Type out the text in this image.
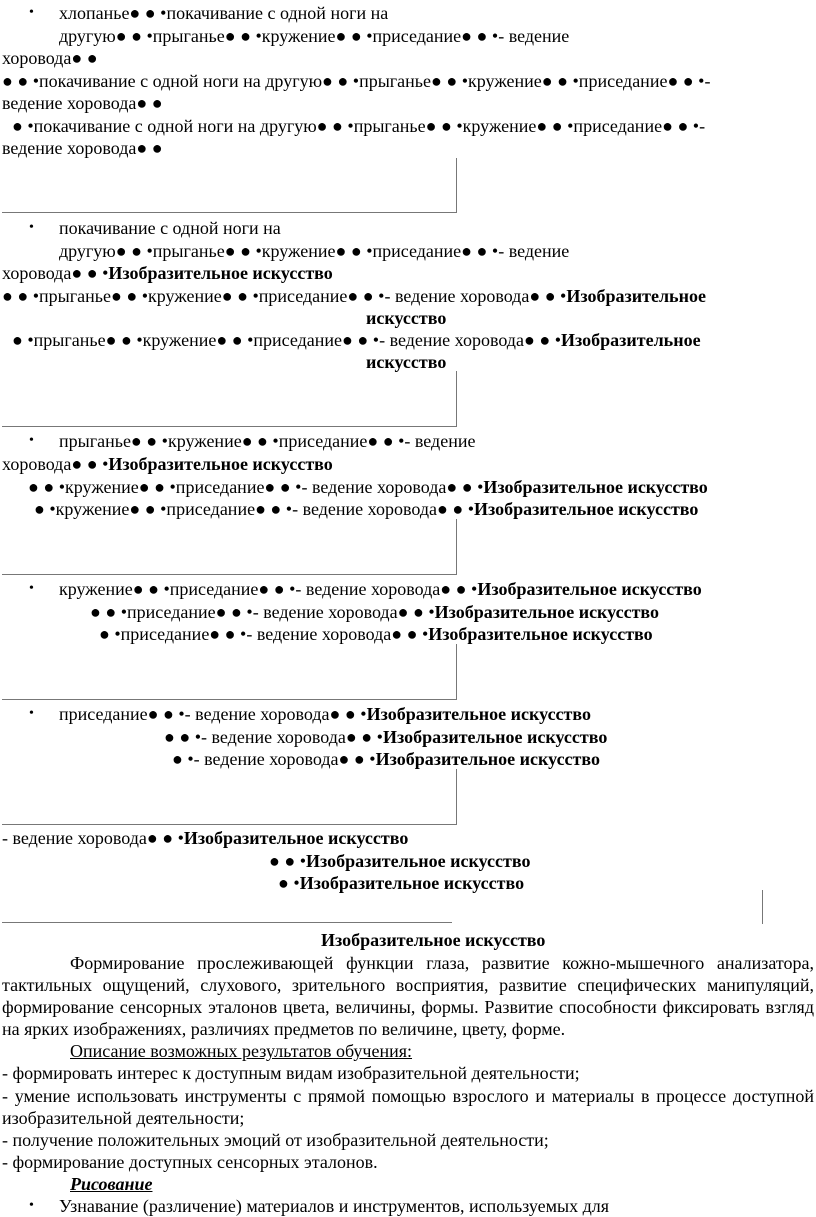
• хлопанье● ● •покачивание с одной ноги на
другую● ● •прыганье● ● •кружение● ● •приседание● ● •- ведение
хоровода● ●
● ● •покачивание с одной ноги на другую● ● •прыганье● ● •кружение● ● •приседание● ● •-
ведение хоровода● ●
● •покачивание с одной ноги на другую● ● •прыганье● ● •кружение● ● •приседание● ● •-
ведение хоровода● ●
• покачивание с одной ноги на
другую● ● •прыганье● ● •кружение● ● •приседание● ● •- ведение
хоровода● ● •Изобразительное искусство
● ● •прыганье● ● •кружение● ● •приседание● ● •- ведение хоровода● ● •Изобразительное
искусство
● •прыганье● ● •кружение● ● •приседание● ● •- ведение хоровода● ● •Изобразительное
искусство
• прыганье● ● •кружение● ● •приседание● ● •- ведение
хоровода● ● •Изобразительное искусство
● ● •кружение● ● •приседание● ● •- ведение хоровода● ● •Изобразительное искусство
● •кружение● ● •приседание● ● •- ведение хоровода● ● •Изобразительное искусство
• кружение● ● •приседание● ● •- ведение хоровода● ● •Изобразительное искусство
● ● •приседание● ● •- ведение хоровода● ● •Изобразительное искусство
● •приседание● ● •- ведение хоровода● ● •Изобразительное искусство
• приседание● ● •- ведение хоровода● ● •Изобразительное искусство
● ● •- ведение хоровода● ● •Изобразительное искусство
● •- ведение хоровода● ● •Изобразительное искусство
- ведение хоровода● ● •Изобразительное искусство
● ● •Изобразительное искусство
● •Изобразительное искусство
Изобразительное искусство
Формирование прослеживающей функции глаза, развитие кожно-мышечного анализатора, тактильных ощущений, слухового, зрительного восприятия, развитие специфических манипуляций, формирование сенсорных эталонов цвета, величины, формы. Развитие способности фиксировать взгляд на ярких изображениях, различиях предметов по величине, цвету, форме.
Описание возможных результатов обучения:
- формировать интерес к доступным видам изобразительной деятельности;
- умение использовать инструменты с прямой помощью взрослого и материалы в процессе доступной изобразительной деятельности;
- получение положительных эмоций от изобразительной деятельности;
- формирование доступных сенсорных эталонов.
Рисование
• Узнавание (различение) материалов и инструментов, используемых для
